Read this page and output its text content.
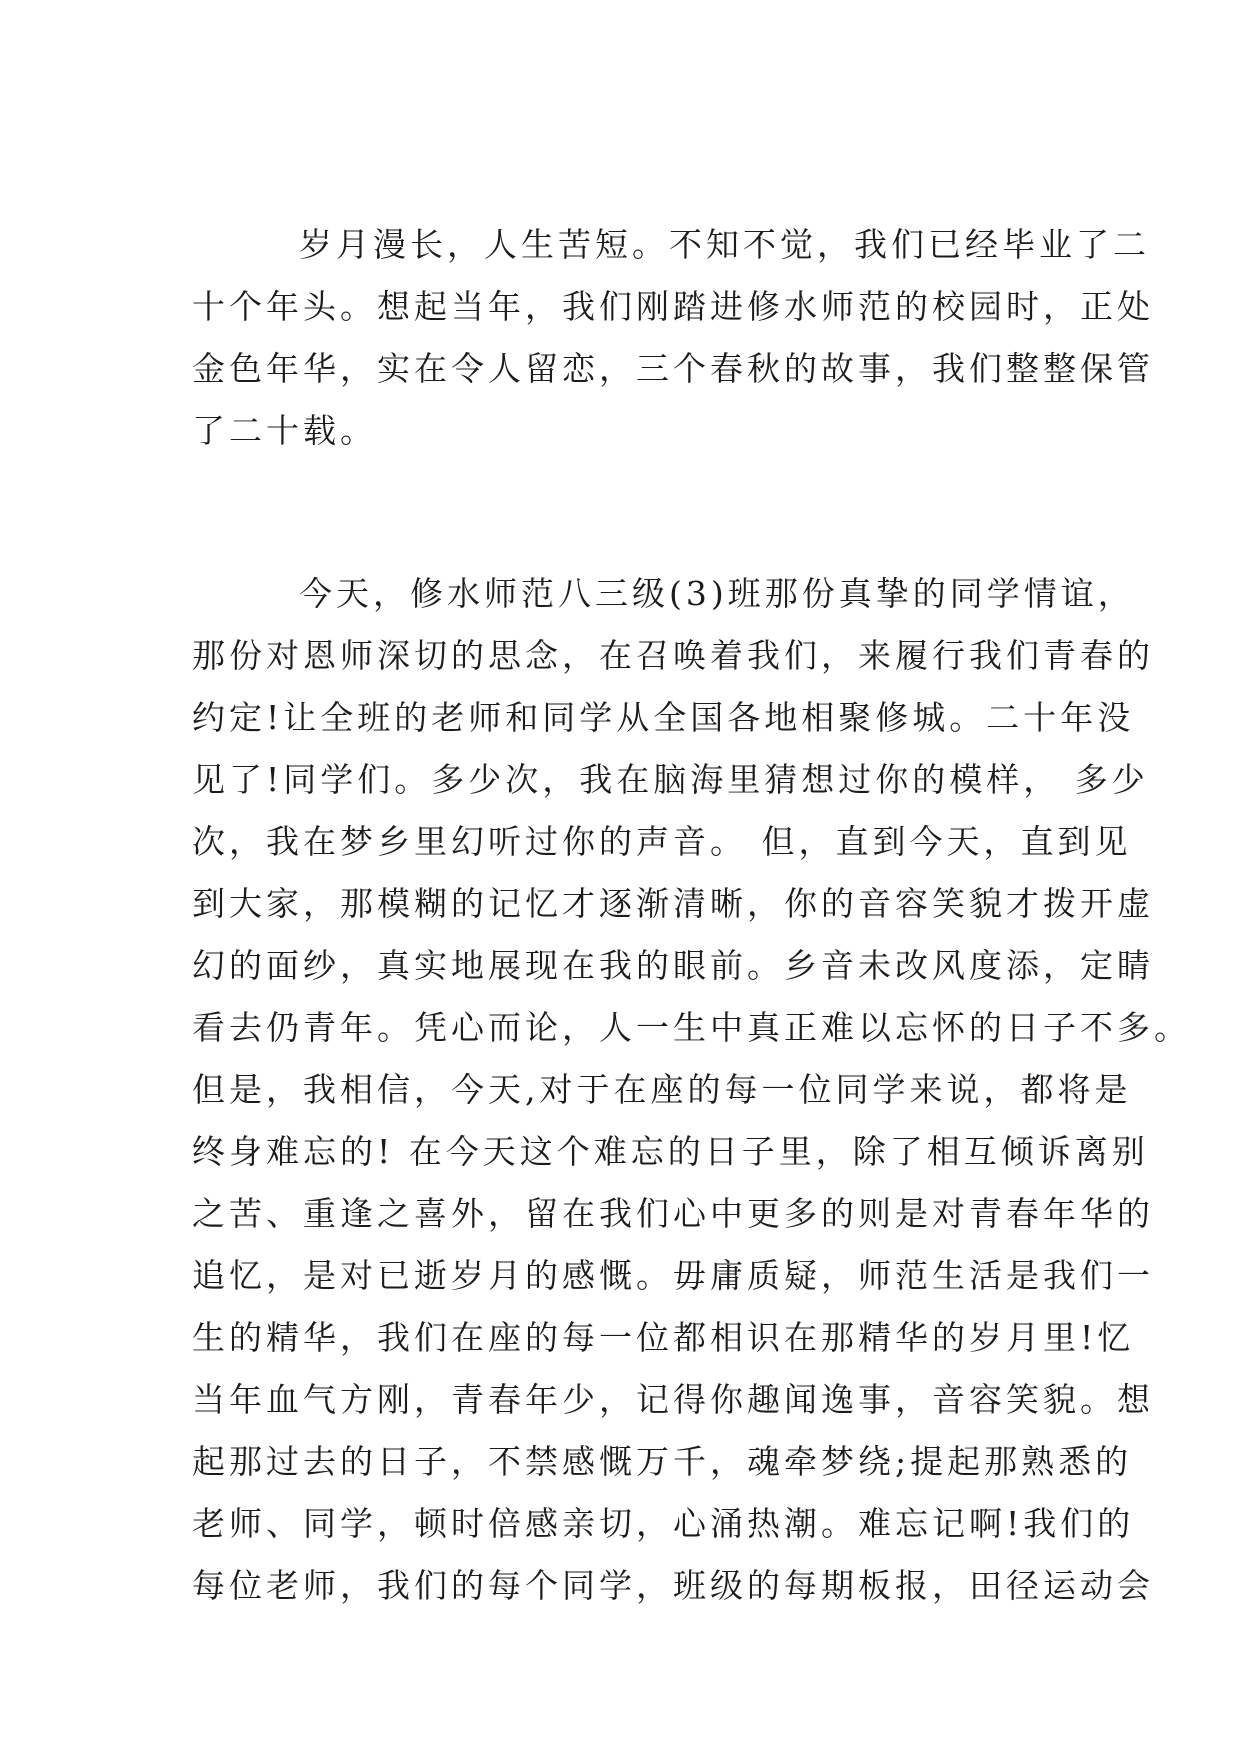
岁月漫长，人生苦短。不知不觉，我们已经毕业了二
十个年头。想起当年，我们刚踏进修水师范的校园时，正处
金色年华，实在令人留恋，三个春秋的故事，我们整整保管
了二十载。

今天，修水师范八三级(3)班那份真挚的同学情谊，
那份对恩师深切的思念，在召唤着我们，来履行我们青春的
约定!让全班的老师和同学从全国各地相聚修城。二十年没
见了!同学们。多少次，我在脑海里猜想过你的模样， 多少
次，我在梦乡里幻听过你的声音。 但，直到今天，直到见
到大家，那模糊的记忆才逐渐清晰，你的音容笑貌才拨开虚
幻的面纱，真实地展现在我的眼前。乡音未改风度添，定睛
看去仍青年。凭心而论，人一生中真正难以忘怀的日子不多。
但是，我相信，今天,对于在座的每一位同学来说，都将是
终身难忘的! 在今天这个难忘的日子里，除了相互倾诉离别
之苦、重逢之喜外，留在我们心中更多的则是对青春年华的
追忆，是对已逝岁月的感慨。毋庸质疑，师范生活是我们一
生的精华，我们在座的每一位都相识在那精华的岁月里!忆
当年血气方刚，青春年少，记得你趣闻逸事，音容笑貌。想
起那过去的日子，不禁感慨万千，魂牵梦绕;提起那熟悉的
老师、同学，顿时倍感亲切，心涌热潮。难忘记啊!我们的
每位老师，我们的每个同学，班级的每期板报，田径运动会
